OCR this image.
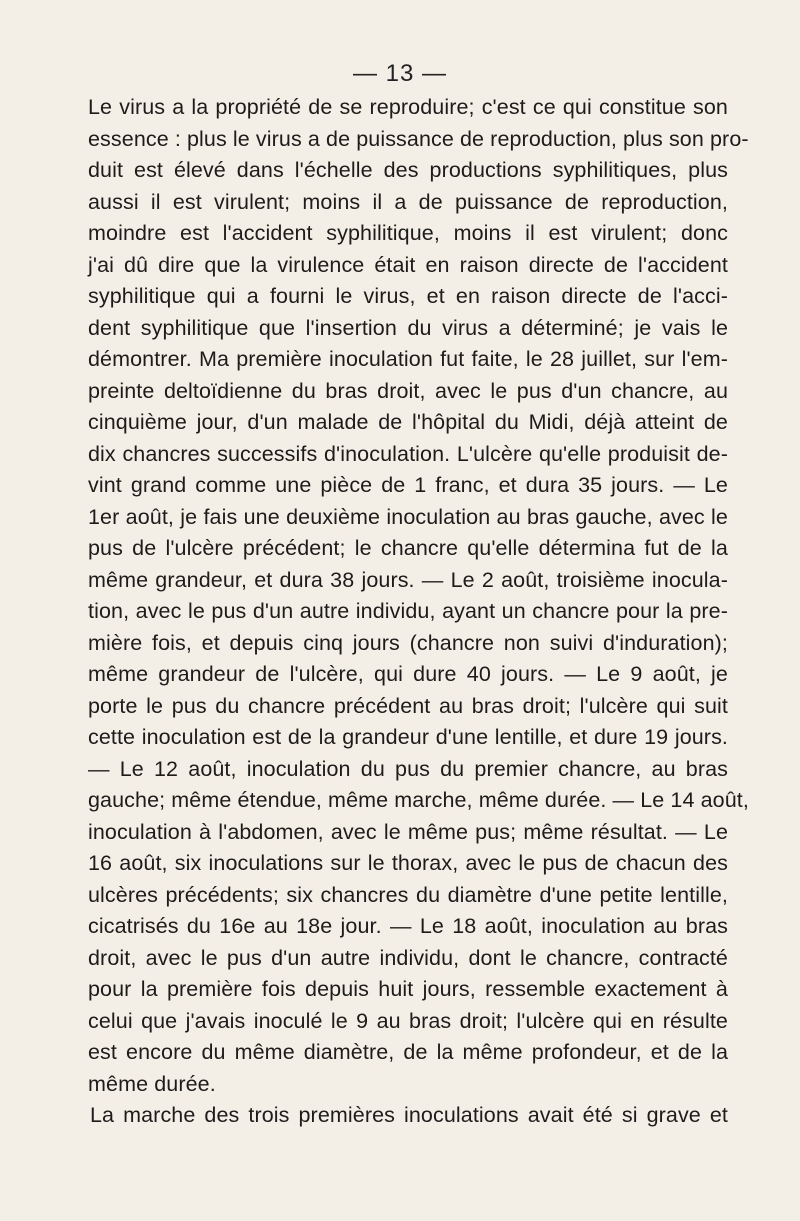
— 13 —
Le virus a la propriété de se reproduire; c'est ce qui constitue son
essence : plus le virus a de puissance de reproduction, plus son pro-
duit est élevé dans l'échelle des productions syphilitiques, plus
aussi il est virulent; moins il a de puissance de reproduction,
moindre est l'accident syphilitique, moins il est virulent; donc
j'ai dû dire que la virulence était en raison directe de l'accident
syphilitique qui a fourni le virus, et en raison directe de l'acci-
dent syphilitique que l'insertion du virus a déterminé; je vais le
démontrer. Ma première inoculation fut faite, le 28 juillet, sur l'em-
preinte deltoïdienne du bras droit, avec le pus d'un chancre, au
cinquième jour, d'un malade de l'hôpital du Midi, déjà atteint de
dix chancres successifs d'inoculation. L'ulcère qu'elle produisit de-
vint grand comme une pièce de 1 franc, et dura 35 jours. — Le
1er août, je fais une deuxième inoculation au bras gauche, avec le
pus de l'ulcère précédent; le chancre qu'elle détermina fut de la
même grandeur, et dura 38 jours. — Le 2 août, troisième inocula-
tion, avec le pus d'un autre individu, ayant un chancre pour la pre-
mière fois, et depuis cinq jours (chancre non suivi d'induration);
même grandeur de l'ulcère, qui dure 40 jours. — Le 9 août, je
porte le pus du chancre précédent au bras droit; l'ulcère qui suit
cette inoculation est de la grandeur d'une lentille, et dure 19 jours.
— Le 12 août, inoculation du pus du premier chancre, au bras
gauche; même étendue, même marche, même durée. — Le 14 août,
inoculation à l'abdomen, avec le même pus; même résultat. — Le
16 août, six inoculations sur le thorax, avec le pus de chacun des
ulcères précédents; six chancres du diamètre d'une petite lentille,
cicatrisés du 16e au 18e jour. — Le 18 août, inoculation au bras
droit, avec le pus d'un autre individu, dont le chancre, contracté
pour la première fois depuis huit jours, ressemble exactement à
celui que j'avais inoculé le 9 au bras droit; l'ulcère qui en résulte
est encore du même diamètre, de la même profondeur, et de la
même durée.
La marche des trois premières inoculations avait été si grave et
